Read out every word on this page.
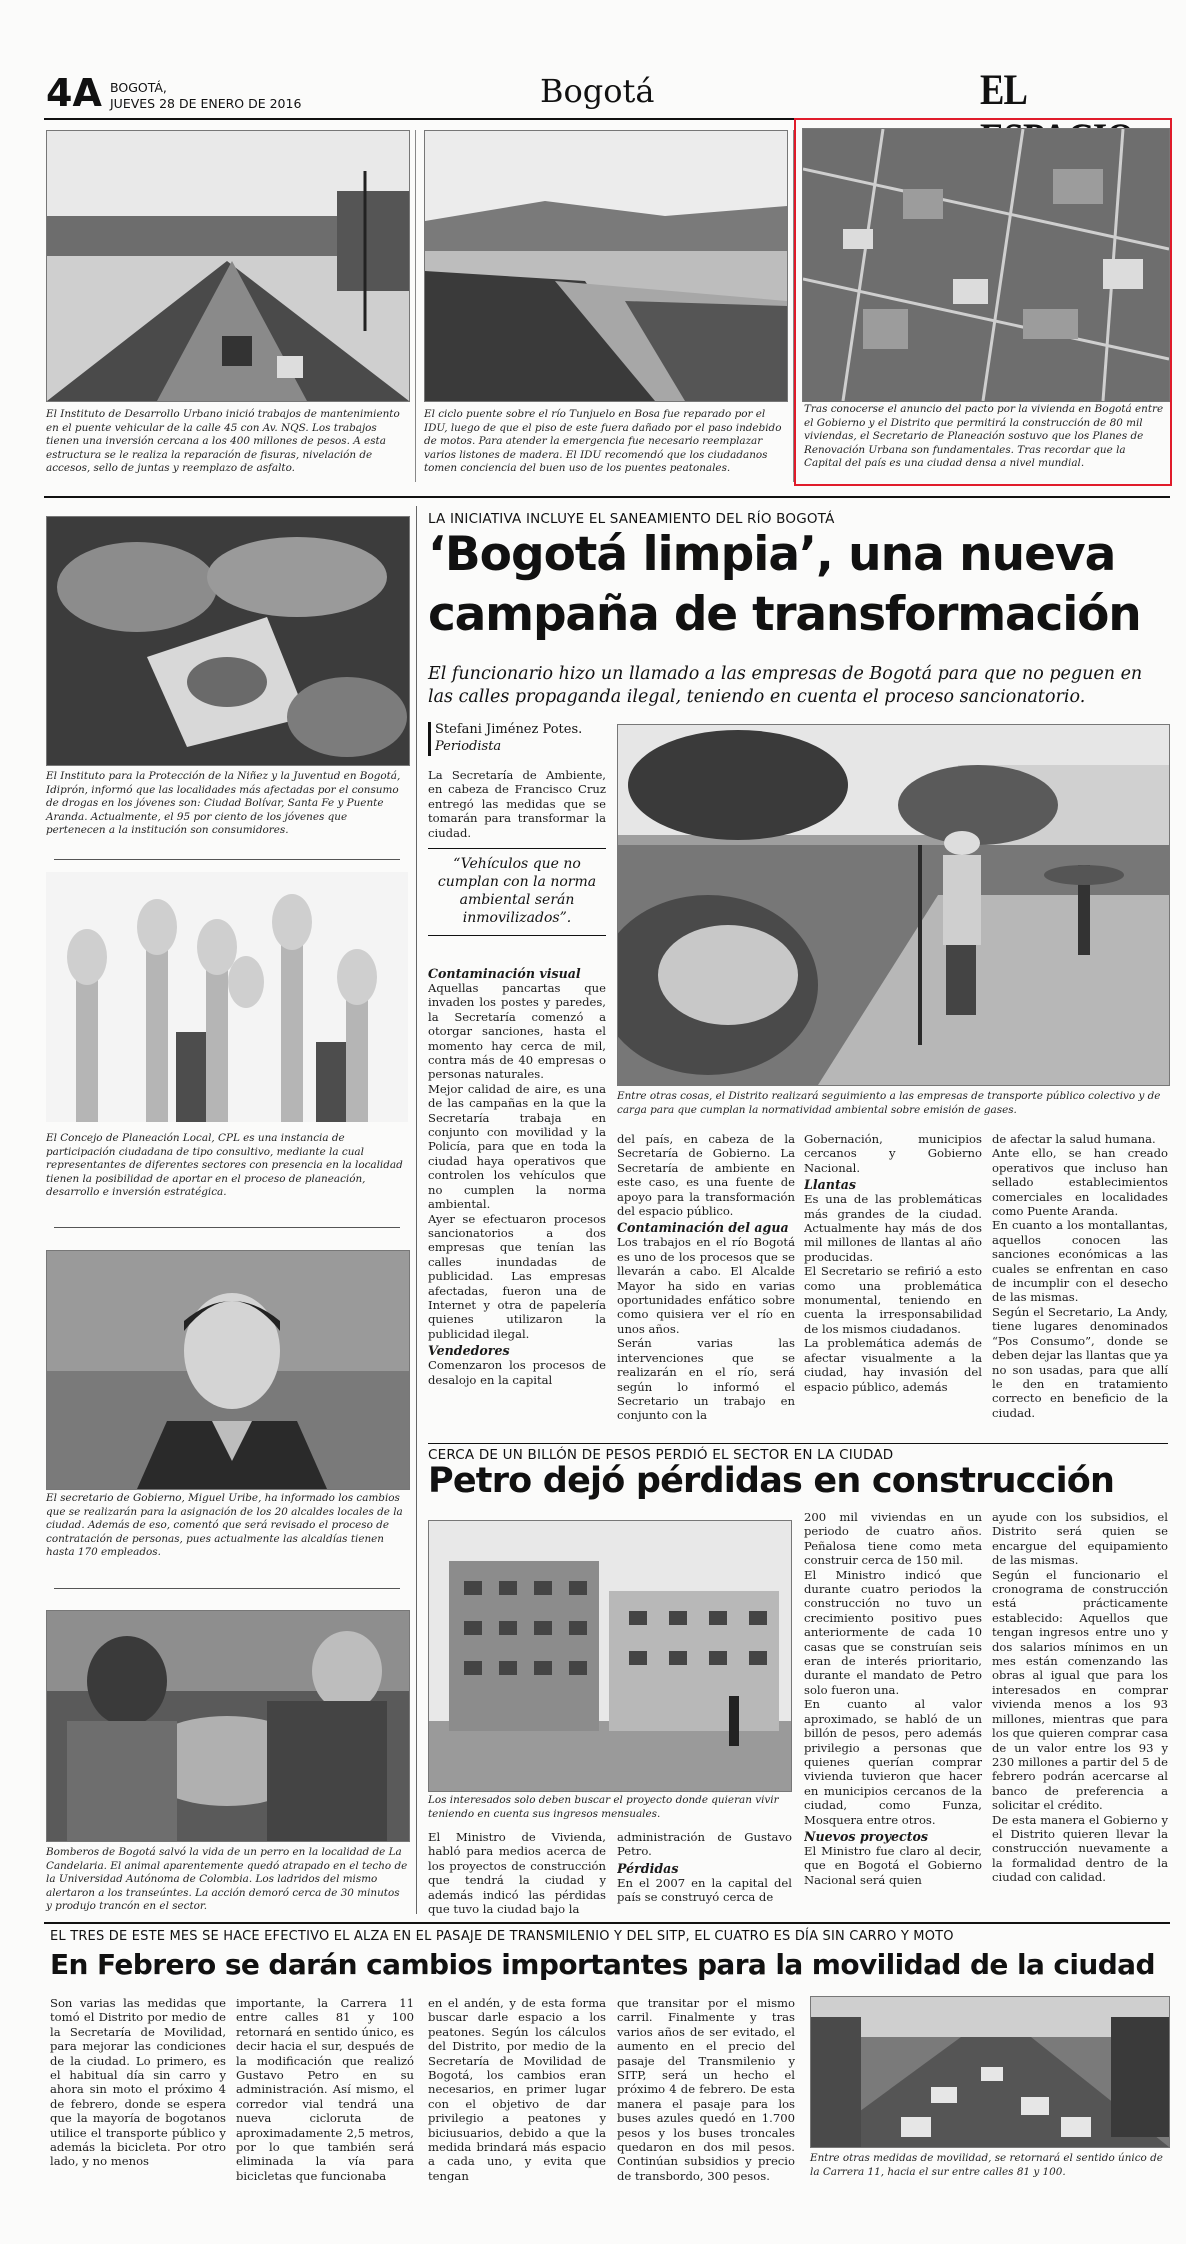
4A BOGOTÁ,
JUEVES 28 DE ENERO DE 2016	Bogotá	EL
El Instituto de Desarrollo Urbano inició trabajos de mantenimiento en el puente vehicular de la calle 45 con Av. NQS. Los trabajos tienen una inversión cercana a los 400 millones de pesos. A esta estructura se le realiza la reparación de fisuras, nivelación de accesos, sello de juntas y reemplazo de asfalto.
El ciclo puente sobre el río Tunjuelo en Bosa fue reparado por el IDU, luego de que el piso de este fuera dañado por el paso indebido de motos. Para atender la emergencia fue necesario reemplazar varios listones de madera. El IDU recomendó que los ciudadanos tomen conciencia del buen uso de los puentes peatonales.
Tras conocerse el anuncio del pacto por la vivienda en Bogotá entre el Gobierno y el Distrito que permitirá la construcción de 80 mil viviendas, el Secretario de Planeación sostuvo que los Planes de Renovación Urbana son fundamentales. Tras recordar que la Capital del país es una ciudad densa a nivel mundial.
El Instituto para la Protección de la Niñez y la Juventud en Bogotá, Idiprón, informó que las localidades más afectadas por el consumo de drogas en los jóvenes son: Ciudad Bolívar, Santa Fe y Puente Aranda. Actualmente, el 95 por ciento de los jóvenes que pertenecen a la institución son consumidores.
El Concejo de Planeación Local, CPL es una instancia de participación ciudadana de tipo consultivo, mediante la cual representantes de diferentes sectores con presencia en la localidad tienen la posibilidad de aportar en el proceso de planeación, desarrollo e inversión estratégica.
El secretario de Gobierno, Miguel Uribe, ha informado los cambios que se realizarán para la asignación de los 20 alcaldes locales de la ciudad. Además de eso, comentó que será revisado el proceso de contratación de personas, pues actualmente las alcaldías tienen hasta 170 empleados.
Bomberos de Bogotá salvó la vida de un perro en la localidad de La Candelaria. El animal aparentemente quedó atrapado en el techo de la Universidad Autónoma de Colombia. Los ladridos del mismo alertaron a los transeúntes. La acción demoró cerca de 30 minutos y produjo trancón en el sector.
LA INICIATIVA INCLUYE EL SANEAMIENTO DEL RÍO BOGOTÁ
‘Bogotá limpia’, una nueva
campaña de transformación
El funcionario hizo un llamado a las empresas de Bogotá para que no peguen en las calles propaganda ilegal, teniendo en cuenta el proceso sancionatorio.
Stefani Jiménez Potes.
Periodista

La Secretaría de Ambiente, en cabeza de Francisco Cruz entregó las medidas que se tomarán para transformar la ciudad.

“Vehículos que no cumplan con la norma ambiental serán inmovilizados”.
Contaminación visual

Aquellas pancartas que invaden los postes y paredes, la Secretaría comenzó a otorgar sanciones, hasta el momento hay cerca de mil, contra más de 40 empresas o personas naturales.

Mejor calidad de aire, es una de las campañas en la que la Secretaría trabaja en conjunto con movilidad y la Policía, para que en toda la ciudad haya operativos que controlen los vehículos que no cumplen la norma ambiental.

Ayer se efectuaron procesos sancionatorios a dos empresas que tenían las calles inundadas de publicidad. Las empresas afectadas, fueron una de Internet y otra de papelería quienes utilizaron la publicidad ilegal.

Vendedores

Comenzaron los procesos de desalojo en la capital

Entre otras cosas, el Distrito realizará seguimiento a las empresas de transporte público colectivo y de carga para que cumplan la normatividad ambiental sobre emisión de gases.

del país, en cabeza de la Secretaría de Gobierno. La Secretaría de ambiente en este caso, es una fuente de apoyo para la transformación del espacio público.

Contaminación del agua

Los trabajos en el río Bogotá es uno de los procesos que se llevarán a cabo. El Alcalde Mayor ha sido en varias oportunidades enfático sobre como quisiera ver el río en unos años.

Serán varias las intervenciones que se realizarán en el río, será según lo informó el Secretario un trabajo en conjunto con la

Gobernación, municipios cercanos y Gobierno Nacional.

Llantas

Es una de las problemáticas más grandes de la ciudad. Actualmente hay más de dos mil millones de llantas al año producidas.

El Secretario se refirió a esto como una problemática monumental, teniendo en cuenta la irresponsabilidad de los mismos ciudadanos.

La problemática además de afectar visualmente a la ciudad, hay invasión del espacio público, además

de afectar la salud humana.

Ante ello, se han creado operativos que incluso han sellado establecimientos comerciales en localidades como Puente Aranda.

En cuanto a los montallantas, aquellos conocen las sanciones económicas a las cuales se enfrentan en caso de incumplir con el desecho de las mismas.

Según el Secretario, La Andy, tiene lugares denominados “Pos Consumo”, donde se deben dejar las llantas que ya no son usadas, para que allí le den en tratamiento correcto en beneficio de la ciudad.

CERCA DE UN BILLÓN DE PESOS PERDIÓ EL SECTOR EN LA CIUDAD
Petro dejó pérdidas en construcción
Los interesados solo deben buscar el proyecto donde quieran vivir teniendo en cuenta sus ingresos mensuales.

El Ministro de Vivienda, habló para medios acerca de los proyectos de construcción que tendrá la ciudad y además indicó las pérdidas que tuvo la ciudad bajo la

administración de Gustavo Petro.

Pérdidas

En el 2007 en la capital del país se construyó cerca de

200 mil viviendas en un periodo de cuatro años. Peñalosa tiene como meta construir cerca de 150 mil.

El Ministro indicó que durante cuatro periodos la construcción no tuvo un crecimiento positivo pues anteriormente de cada 10 casas que se construían seis eran de interés prioritario, durante el mandato de Petro solo fueron una.

En cuanto al valor aproximado, se habló de un billón de pesos, pero además privilegio a personas que quienes querían comprar vivienda tuvieron que hacer en municipios cercanos de la ciudad, como Funza, Mosquera entre otros.

Nuevos proyectos

El Ministro fue claro al decir, que en Bogotá el Gobierno Nacional será quien

ayude con los subsidios, el Distrito será quien se encargue del equipamiento de las mismas.

Según el funcionario el cronograma de construcción está prácticamente establecido: Aquellos que tengan ingresos entre uno y dos salarios mínimos en un mes están comenzando las obras al igual que para los interesados en comprar vivienda menos a los 93 millones, mientras que para los que quieren comprar casa de un valor entre los 93 y 230 millones a partir del 5 de febrero podrán acercarse al banco de preferencia a solicitar el crédito.

De esta manera el Gobierno y el Distrito quieren llevar la construcción nuevamente a la formalidad dentro de la ciudad con calidad.

EL TRES DE ESTE MES SE HACE EFECTIVO EL ALZA EN EL PASAJE DE TRANSMILENIO Y DEL SITP, EL CUATRO ES DÍA SIN CARRO Y MOTO
En Febrero se darán cambios importantes para la movilidad de la ciudad

Son varias las medidas que tomó el Distrito por medio de la Secretaría de Movilidad, para mejorar las condiciones de la ciudad. Lo primero, es el habitual día sin carro y ahora sin moto el próximo 4 de febrero, donde se espera que la mayoría de bogotanos utilice el transporte público y además la bicicleta. Por otro lado, y no menos

importante, la Carrera 11 entre calles 81 y 100 retornará en sentido único, es decir hacia el sur, después de la modificación que realizó Gustavo Petro en su administración. Así mismo, el corredor vial tendrá una nueva cicloruta de aproximadamente 2,5 metros, por lo que también será eliminada la vía para bicicletas que funcionaba

en el andén, y de esta forma buscar darle espacio a los peatones. Según los cálculos del Distrito, por medio de la Secretaría de Movilidad de Bogotá, los cambios eran necesarios, en primer lugar con el objetivo de dar privilegio a peatones y biciusuarios, debido a que la medida brindará más espacio a cada uno, y evita que tengan

que transitar por el mismo carril. Finalmente y tras varios años de ser evitado, el aumento en el precio del pasaje del Transmilenio y SITP, será un hecho el próximo 4 de febrero. De esta manera el pasaje para los buses azules quedó en 1.700 pesos y los buses troncales quedaron en dos mil pesos. Continúan subsidios y precio de transbordo, 300 pesos.

Entre otras medidas de movilidad, se retornará el sentido único de la Carrera 11, hacia el sur entre calles 81 y 100.
